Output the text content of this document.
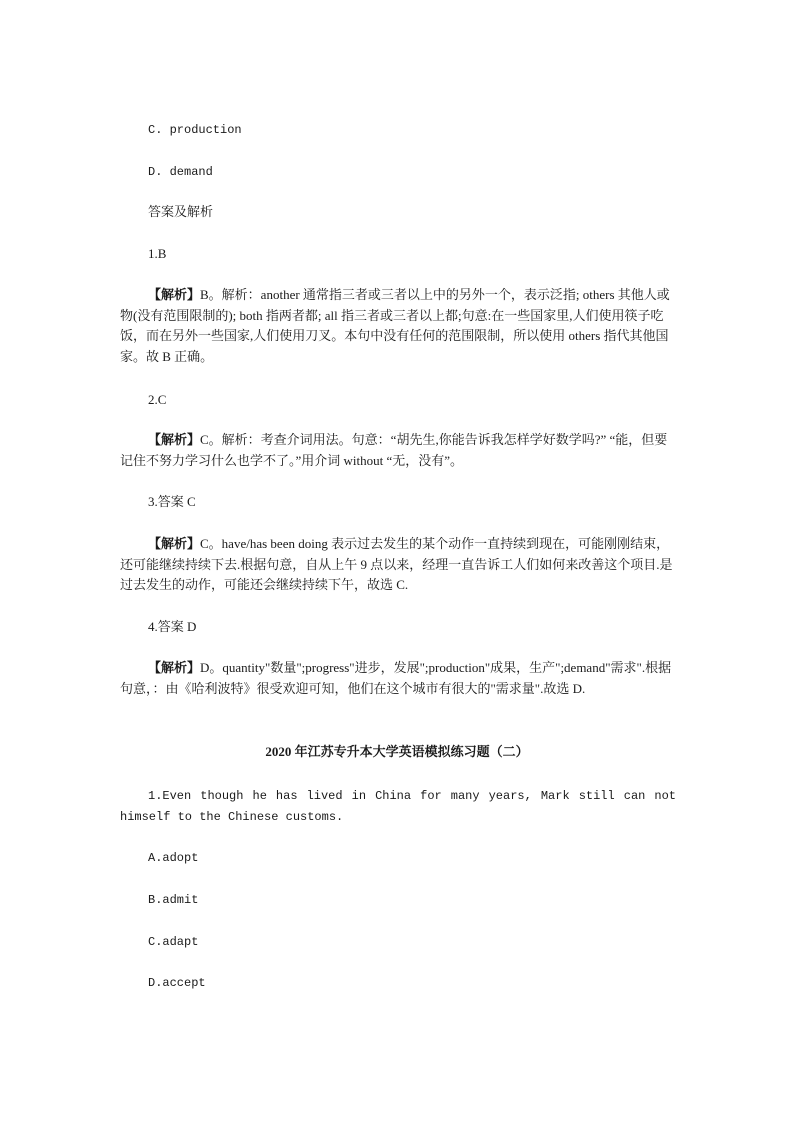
C. production
D. demand
答案及解析
1.B
【解析】B。解析：another 通常指三者或三者以上中的另外一个，表示泛指; others 其他人或物(没有范围限制的); both 指两者都; all 指三者或三者以上都;句意:在一些国家里,人们使用筷子吃饭，而在另外一些国家,人们使用刀叉。本句中没有任何的范围限制，所以使用 others 指代其他国家。故 B 正确。
2.C
【解析】C。解析：考查介词用法。句意：“胡先生,你能告诉我怎样学好数学吗?” “能，但要记住不努力学习什么也学不了。”用介词 without “无，没有”。
3.答案 C
【解析】C。have/has been doing 表示过去发生的某个动作一直持续到现在，可能刚刚结束，还可能继续持续下去.根据句意，自从上午 9 点以来，经理一直告诉工人们如何来改善这个项目.是过去发生的动作，可能还会继续持续下午，故选 C.
4.答案 D
【解析】D。quantity"数量";progress"进步，发展";production"成果，生产";demand"需求".根据句意，：由《哈利波特》很受欢迎可知，他们在这个城市有很大的"需求量".故选 D.
2020 年江苏专升本大学英语模拟练习题（二）
1.Even though he has lived in China for many years, Mark still can not himself to the Chinese customs.
A.adopt
B.admit
C.adapt
D.accept
